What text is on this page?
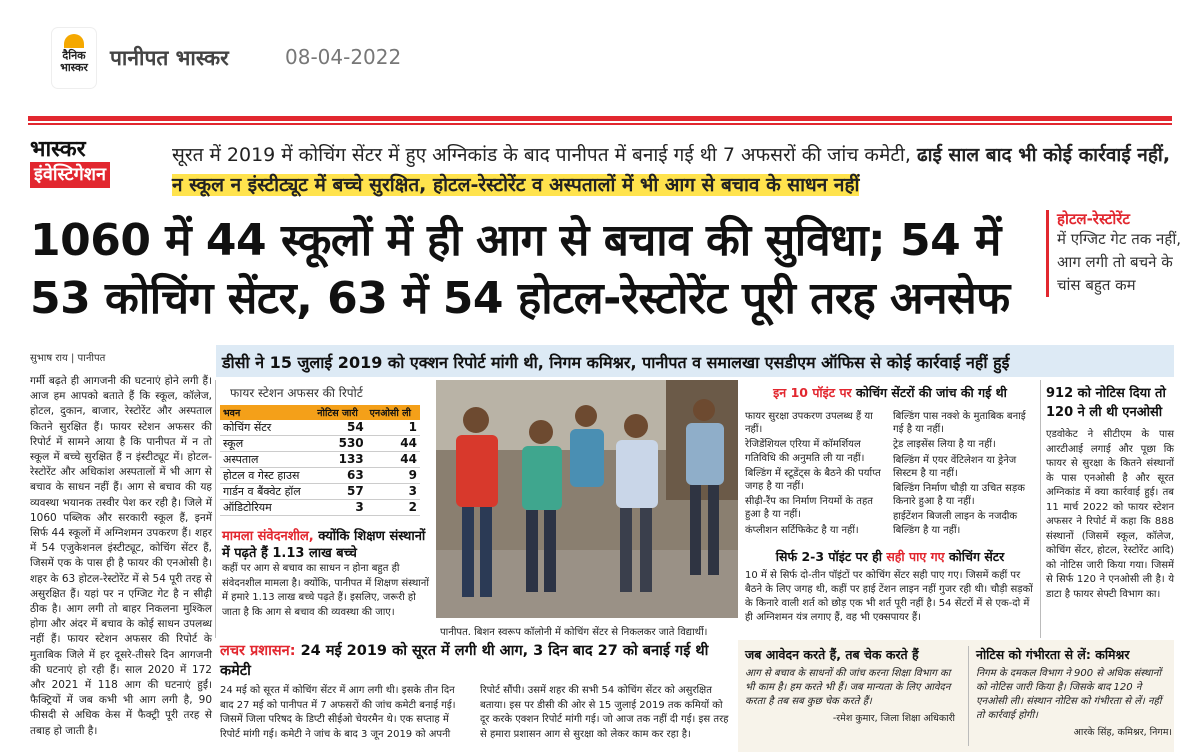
दैनिक
भास्कर पानीपत भास्कर	08-04-2022
भास्कर
इंवेस्टिगेशन
सूरत में 2019 में कोचिंग सेंटर में हुए अग्निकांड के बाद पानीपत में बनाई गई थी 7 अफसरों की जांच कमेटी, ढाई साल बाद भी कोई कार्रवाई नहीं, न स्कूल न इंस्टीट्यूट में बच्चे सुरक्षित, होटल-रेस्टोरेंट व अस्पतालों में भी आग से बचाव के साधन नहीं
1060 में 44 स्कूलों में ही आग से बचाव की सुविधा; 54 में 53 कोचिंग सेंटर, 63 में 54 होटल-रेस्टोरेंट पूरी तरह अनसेफ
होटल-रेस्टोरेंट
में एग्जिट गेट तक नहीं, आग लगी तो बचने के चांस बहुत कम
डीसी ने 15 जुलाई 2019 को एक्शन रिपोर्ट मांगी थी, निगम कमिश्नर, पानीपत व समालखा एसडीएम ऑफिस से कोई कार्रवाई नहीं हुई
सुभाष राय | पानीपत
गर्मी बढ़ते ही आगजनी की घटनाएं होने लगी हैं। आज हम आपको बताते हैं कि स्कूल, कॉलेज, होटल, दुकान, बाजार, रेस्टोरेंट और अस्पताल कितने सुरक्षित हैं। फायर स्टेशन अफसर की रिपोर्ट में सामने आया है कि पानीपत में न तो स्कूल में बच्चे सुरक्षित हैं न इंस्टीट्यूट में। होटल-रेस्टोरेंट और अधिकांश अस्पतालों में भी आग से बचाव के साधन नहीं हैं। आग से बचाव की यह व्यवस्था भयानक तस्वीर पेश कर रही है। जिले में 1060 पब्लिक और सरकारी स्कूल हैं, इनमें सिर्फ 44 स्कूलों में अग्निशमन उपकरण हैं। शहर में 54 एजुकेशनल इंस्टीट्यूट, कोचिंग सेंटर हैं, जिसमें एक के पास ही है फायर की एनओसी है। शहर के 63 होटल-रेस्टोरेंट में से 54 पूरी तरह से असुरक्षित हैं। यहां पर न एग्जिट गेट है न सीढ़ी ठीक है। आग लगी तो बाहर निकलना मुश्किल होगा और अंदर में बचाव के कोई साधन उपलब्ध नहीं हैं। फायर स्टेशन अफसर की रिपोर्ट के मुताबिक जिले में हर दूसरे-तीसरे दिन आगजनी की घटनाएं हो रही हैं। साल 2020 में 172 और 2021 में 118 आग की घटनाएं हुईं। फैक्ट्रियों में जब कभी भी आग लगी है, 90 फीसदी से अधिक केस में फैक्ट्री पूरी तरह से तबाह हो जाती है।
फायर स्टेशन अफसर की रिपोर्ट
भवन	नोटिस जारी	एनओसी ली
कोचिंग सेंटर	54	1
स्कूल	530	44
अस्पताल	133	44
होटल व गेस्ट हाउस	63	9
गार्डन व बैंक्वेट हॉल	57	3
ऑडिटोरियम	3	2
मामला संवेदनशील, क्योंकि शिक्षण संस्थानों में पढ़ते हैं 1.13 लाख बच्चे
कहीं पर आग से बचाव का साधन न होना बहुत ही संवेदनशील मामला है। क्योंकि, पानीपत में शिक्षण संस्थानों में हमारे 1.13 लाख बच्चे पढ़ते हैं। इसलिए, जरूरी हो जाता है कि आग से बचाव की व्यवस्था की जाए।
पानीपत. बिशन स्वरूप कॉलोनी में कोचिंग सेंटर से निकलकर जाते विद्यार्थी।
इन 10 पॉइंट पर कोचिंग सेंटरों की जांच की गई थी
फायर सुरक्षा उपकरण उपलब्ध हैं या नहीं।
रेजिडेंशियल एरिया में कॉमर्शियल गतिविधि की अनुमति ली या नहीं।
बिल्डिंग में स्टूडेंट्स के बैठने की पर्याप्त जगह है या नहीं।
सीढ़ी-रैंप का निर्माण नियमों के तहत हुआ है या नहीं।
कंप्लीशन सर्टिफिकेट है या नहीं।
बिल्डिंग पास नक्शे के मुताबिक बनाई गई है या नहीं।
ट्रेड लाइसेंस लिया है या नहीं।
बिल्डिंग में एयर वेंटिलेशन या ड्रेनेज सिस्टम है या नहीं।
बिल्डिंग निर्माण चौड़ी या उचित सड़क किनारे हुआ है या नहीं।
हाईटेंशन बिजली लाइन के नजदीक बिल्डिंग है या नहीं।
सिर्फ 2-3 पॉइंट पर ही सही पाए गए कोचिंग सेंटर
10 में से सिर्फ दो-तीन पॉइंटों पर कोचिंग सेंटर सही पाए गए। जिसमें कहीं पर बैठने के लिए जगह थी, कहीं पर हाई टेंशन लाइन नहीं गुजर रही थी। चौड़ी सड़कों के किनारे वाली शर्त को छोड़ एक भी शर्त पूरी नहीं है। 54 सेंटरों में से एक-दो में ही अग्निशमन यंत्र लगाए हैं, वह भी एक्सपायर हैं।
912 को नोटिस दिया तो 120 ने ली थी एनओसी
एडवोकेट ने सीटीएम के पास आरटीआई लगाई और पूछा कि फायर से सुरक्षा के कितने संस्थानों के पास एनओसी है और सूरत अग्निकांड में क्या कार्रवाई हुई। तब 11 मार्च 2022 को फायर स्टेशन अफसर ने रिपोर्ट में कहा कि 888 संस्थानों (जिसमें स्कूल, कॉलेज, कोचिंग सेंटर, होटल, रेस्टोरेंट आदि) को नोटिस जारी किया गया। जिसमें से सिर्फ 120 ने एनओसी ली है। ये डाटा है फायर सेफ्टी विभाग का।
लचर प्रशासन: 24 मई 2019 को सूरत में लगी थी आग, 3 दिन बाद 27 को बनाई गई थी कमेटी
24 मई को सूरत में कोचिंग सेंटर में आग लगी थी। इसके तीन दिन बाद 27 मई को पानीपत में 7 अफसरों की जांच कमेटी बनाई गई। जिसमें जिला परिषद के डिप्टी सीईओ चेयरमैन थे। एक सप्ताह में रिपोर्ट मांगी गई। कमेटी ने जांच के बाद 3 जून 2019 को अपनी रिपोर्ट सौंपी। उसमें शहर की सभी 54 कोचिंग सेंटर को असुरक्षित बताया। इस पर डीसी की ओर से 15 जुलाई 2019 तक कमियों को दूर करके एक्शन रिपोर्ट मांगी गई। जो आज तक नहीं दी गई। इस तरह से हमारा प्रशासन आग से सुरक्षा को लेकर काम कर रहा है।
जब आवेदन करते हैं, तब चेक करते हैं
आग से बचाव के साधनों की जांच करना शिक्षा विभाग का भी काम है। हम करते भी हैं। जब मान्यता के लिए आवेदन करता है तब सब कुछ चेक करते हैं।
-रमेश कुमार, जिला शिक्षा अधिकारी
नोटिस को गंभीरता से लें: कमिश्नर
निगम के दमकल विभाग ने 900 से अधिक संस्थानों को नोटिस जारी किया है। जिसके बाद 120 ने एनओसी ली। संस्थान नोटिस को गंभीरता से लें। नहीं तो कार्रवाई होगी।
आरके सिंह, कमिश्नर, निगम।
